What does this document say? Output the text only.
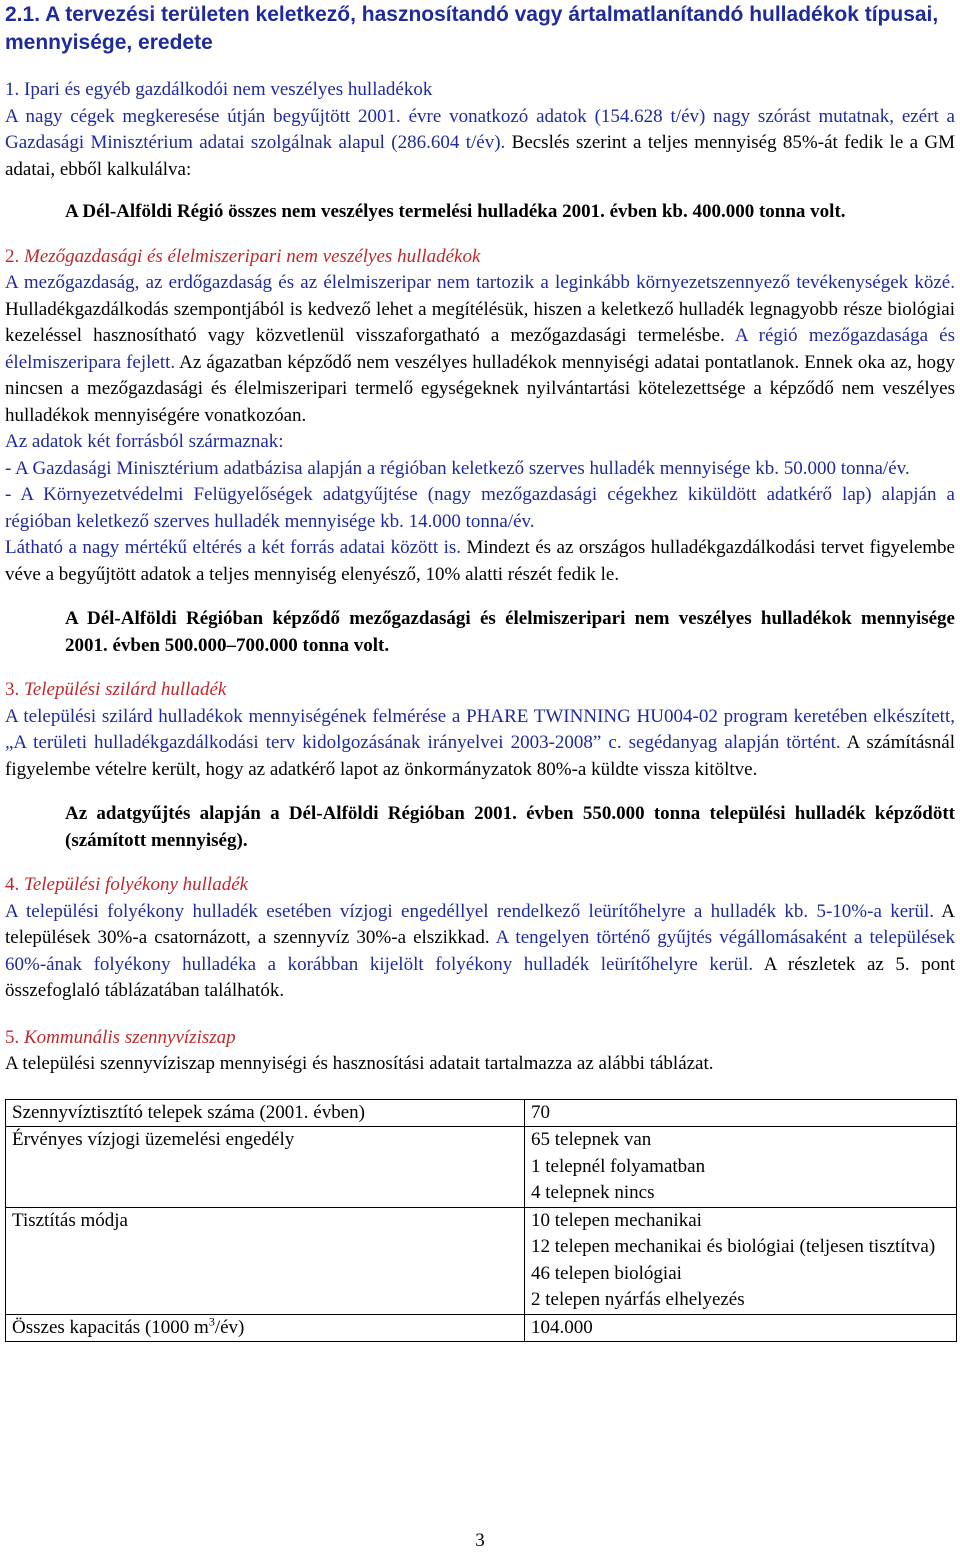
2.1. A tervezési területen keletkező, hasznosítandó vagy ártalmatlanítandó hulladékok típusai, mennyisége, eredete

1. Ipari és egyéb gazdálkodói nem veszélyes hulladékok

A nagy cégek megkeresése útján begyűjtött 2001. évre vonatkozó adatok (154.628 t/év) nagy szórást mutatnak, ezért a Gazdasági Minisztérium adatai szolgálnak alapul (286.604 t/év). Becslés szerint a teljes mennyiség 85%-át fedik le a GM adatai, ebből kalkulálva:

A Dél-Alföldi Régió összes nem veszélyes termelési hulladéka 2001. évben kb. 400.000 tonna volt.

2. Mezőgazdasági és élelmiszeripari nem veszélyes hulladékok

A mezőgazdaság, az erdőgazdaság és az élelmiszeripar nem tartozik a leginkább környezetszennyező tevékenységek közé. Hulladékgazdálkodás szempontjából is kedvező lehet a megítélésük, hiszen a keletkező hulladék legnagyobb része biológiai kezeléssel hasznosítható vagy közvetlenül visszaforgatható a mezőgazdasági termelésbe. A régió mezőgazdasága és élelmiszeripara fejlett. Az ágazatban képződő nem veszélyes hulladékok mennyiségi adatai pontatlanok. Ennek oka az, hogy nincsen a mezőgazdasági és élelmiszeripari termelő egységeknek nyilvántartási kötelezettsége a képződő nem veszélyes hulladékok mennyiségére vonatkozóan.

Az adatok két forrásból származnak:

- A Gazdasági Minisztérium adatbázisa alapján a régióban keletkező szerves hulladék mennyisége kb. 50.000 tonna/év.

- A Környezetvédelmi Felügyelőségek adatgyűjtése (nagy mezőgazdasági cégekhez kiküldött adatkérő lap) alapján a régióban keletkező szerves hulladék mennyisége kb. 14.000 tonna/év.

Látható a nagy mértékű eltérés a két forrás adatai között is. Mindezt és az országos hulladékgazdálkodási tervet figyelembe véve a begyűjtött adatok a teljes mennyiség elenyésző, 10% alatti részét fedik le.

A Dél-Alföldi Régióban képződő mezőgazdasági és élelmiszeripari nem veszélyes hulladékok mennyisége 2001. évben 500.000–700.000 tonna volt.

3. Települési szilárd hulladék

A települési szilárd hulladékok mennyiségének felmérése a PHARE TWINNING HU004-02 program keretében elkészített, „A területi hulladékgazdálkodási terv kidolgozásának irányelvei 2003-2008” c. segédanyag alapján történt. A számításnál figyelembe vételre került, hogy az adatkérő lapot az önkormányzatok 80%-a küldte vissza kitöltve.

Az adatgyűjtés alapján a Dél-Alföldi Régióban 2001. évben 550.000 tonna települési hulladék képződött (számított mennyiség).

4. Települési folyékony hulladék

A települési folyékony hulladék esetében vízjogi engedéllyel rendelkező leürítőhelyre a hulladék kb. 5-10%-a kerül. A települések 30%-a csatornázott, a szennyvíz 30%-a elszikkad. A tengelyen történő gyűjtés végállomásaként a települések 60%-ának folyékony hulladéka a korábban kijelölt folyékony hulladék leürítőhelyre kerül. A részletek az 5. pont összefoglaló táblázatában találhatók.

5. Kommunális szennyvíziszap

A települési szennyvíziszap mennyiségi és hasznosítási adatait tartalmazza az alábbi táblázat.

Szennyvíztisztító telepek száma (2001. évben)	70

Érvényes vízjogi üzemelési engedély	65 telepnek van
1 telepnél folyamatban
4 telepnek nincs

Tisztítás módja	10 telepen mechanikai
12 telepen mechanikai és biológiai (teljesen tisztítva)
46 telepen biológiai
2 telepen nyárfás elhelyezés

Összes kapacitás (1000 $m^3/év$)	104.000
3
